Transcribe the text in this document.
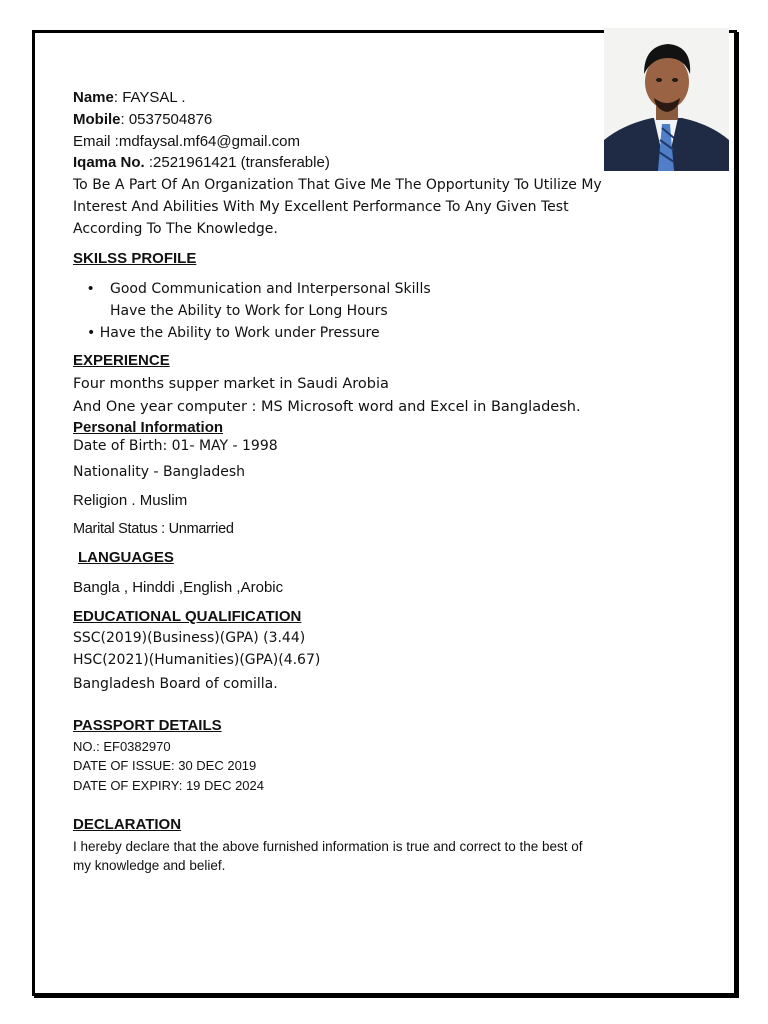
Name: FAYSAL .
Mobile: 0537504876
Email :mdfaysal.mf64@gmail.com
Iqama No. :2521961421 (transferable)
To Be A Part Of An Organization That Give Me The Opportunity To Utilize My
Interest And Abilities With My Excellent Performance To Any Given Test
According To The Knowledge.
SKILSS PROFILE
• Good Communication and Interpersonal Skills
Have the Ability to Work for Long Hours
• Have the Ability to Work under Pressure
EXPERIENCE
Four months supper market in Saudi Arobia
And One year computer : MS Microsoft word and Excel in Bangladesh.
Personal Information
Date of Birth: 01- MAY - 1998
Nationality - Bangladesh
Religion . Muslim
Marital Status : Unmarried
LANGUAGES
Bangla , Hinddi ,English ,Arobic
EDUCATIONAL QUALIFICATION
SSC(2019)(Business)(GPA) (3.44)
HSC(2021)(Humanities)(GPA)(4.67)
Bangladesh Board of comilla.
PASSPORT DETAILS
NO.: EF0382970
DATE OF ISSUE: 30 DEC 2019
DATE OF EXPIRY: 19 DEC 2024
DECLARATION
I hereby declare that the above furnished information is true and correct to the best of
my knowledge and belief.
